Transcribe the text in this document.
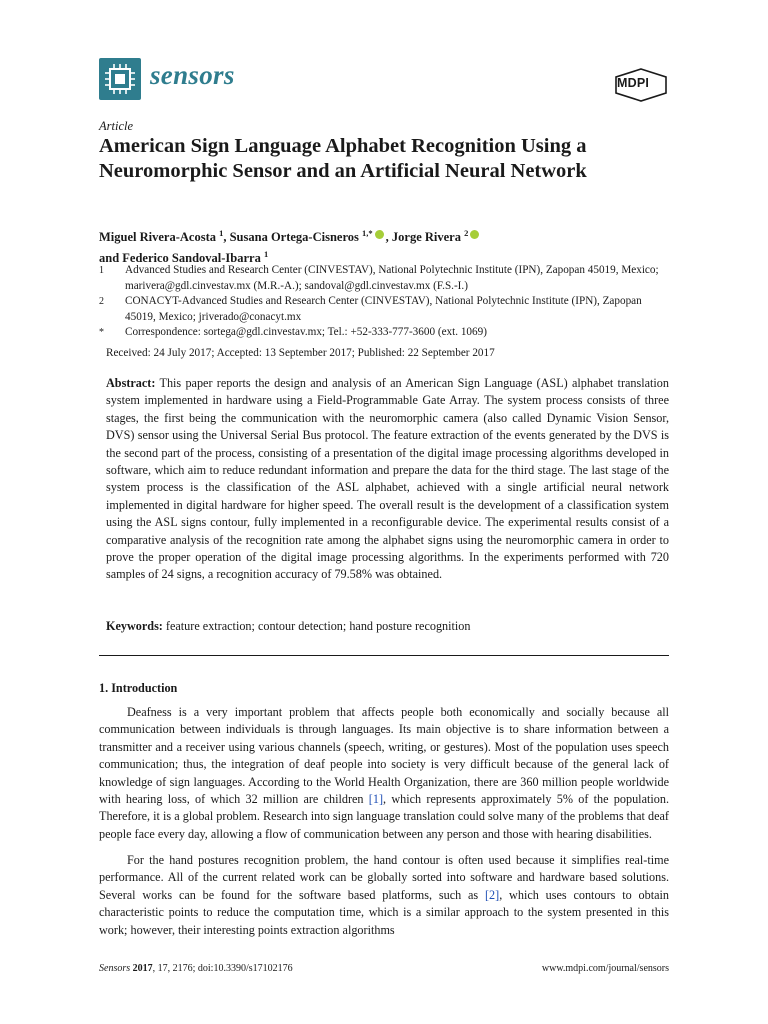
sensors	MDPI
Article
American Sign Language Alphabet Recognition Using a Neuromorphic Sensor and an Artificial Neural Network
Miguel Rivera-Acosta $^1$, Susana Ortega-Cisneros $^{1,*}$ , Jorge Rivera $^2$
and Federico Sandoval-Ibarra $^1$
1 Advanced Studies and Research Center (CINVESTAV), National Polytechnic Institute (IPN), Zapopan 45019, Mexico; marivera@gdl.cinvestav.mx (M.R.-A.); sandoval@gdl.cinvestav.mx (F.S.-I.)
2 CONACYT-Advanced Studies and Research Center (CINVESTAV), National Polytechnic Institute (IPN), Zapopan 45019, Mexico; jriverado@conacyt.mx
* Correspondence: sortega@gdl.cinvestav.mx; Tel.: +52-333-777-3600 (ext. 1069)
Received: 24 July 2017; Accepted: 13 September 2017; Published: 22 September 2017
Abstract: This paper reports the design and analysis of an American Sign Language (ASL) alphabet translation system implemented in hardware using a Field-Programmable Gate Array. The system process consists of three stages, the first being the communication with the neuromorphic camera (also called Dynamic Vision Sensor, DVS) sensor using the Universal Serial Bus protocol. The feature extraction of the events generated by the DVS is the second part of the process, consisting of a presentation of the digital image processing algorithms developed in software, which aim to reduce redundant information and prepare the data for the third stage. The last stage of the system process is the classification of the ASL alphabet, achieved with a single artificial neural network implemented in digital hardware for higher speed. The overall result is the development of a classification system using the ASL signs contour, fully implemented in a reconfigurable device. The experimental results consist of a comparative analysis of the recognition rate among the alphabet signs using the neuromorphic camera in order to prove the proper operation of the digital image processing algorithms. In the experiments performed with 720 samples of 24 signs, a recognition accuracy of 79.58% was obtained.
Keywords: feature extraction; contour detection; hand posture recognition
1. Introduction

Deafness is a very important problem that affects people both economically and socially because all communication between individuals is through languages. Its main objective is to share information between a transmitter and a receiver using various channels (speech, writing, or gestures). Most of the population uses speech communication; thus, the integration of deaf people into society is very difficult because of the general lack of knowledge of sign languages. According to the World Health Organization, there are 360 million people worldwide with hearing loss, of which 32 million are children [1], which represents approximately 5% of the population. Therefore, it is a global problem. Research into sign language translation could solve many of the problems that deaf people face every day, allowing a flow of communication between any person and those with hearing disabilities.

For the hand postures recognition problem, the hand contour is often used because it simplifies real-time performance. All of the current related work can be globally sorted into software and hardware based solutions. Several works can be found for the software based platforms, such as [2], which uses contours to obtain characteristic points to reduce the computation time, which is a similar approach to the system presented in this work; however, their interesting points extraction algorithms

Sensors 2017, 17, 2176; doi:10.3390/s17102176	www.mdpi.com/journal/sensors
